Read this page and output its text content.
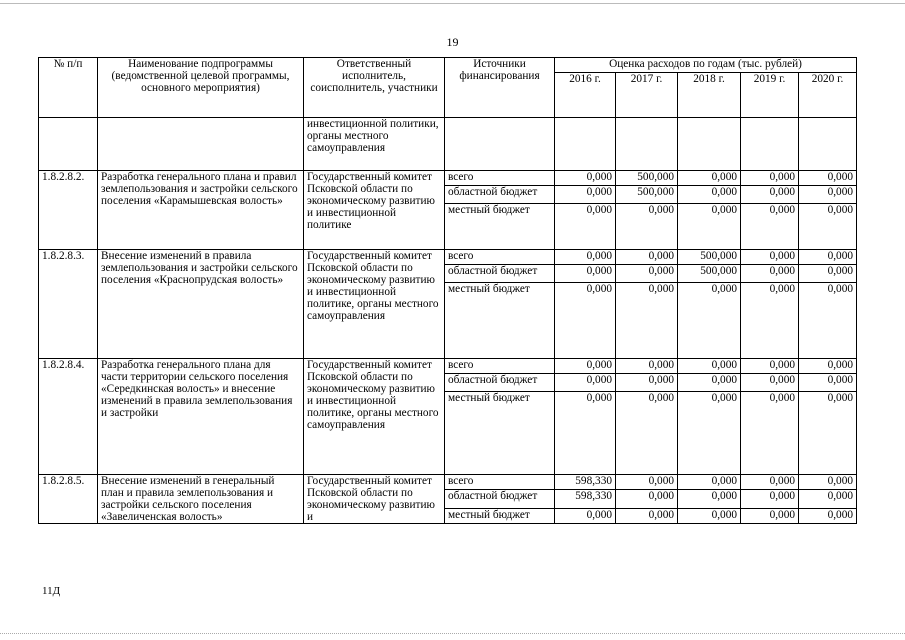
19
№ п/п	Наименование подпрограммы (ведомственной целевой программы, основного мероприятия)	Ответственный исполнитель, соисполнитель, участники	Источники финансирования	Оценка расходов по годам (тыс. рублей)				
				2016 г.	2017 г.	2018 г.	2019 г.	2020 г.
		инвестиционной политики, органы местного самоуправления						
1.8.2.8.2.	Разработка генерального плана и правил землепользования и застройки сельского поселения «Карамышевская волость»	Государственный комитет Псковской области по экономическому развитию и инвестиционной политике	всего	0,000	500,000	0,000	0,000	0,000
			областной бюджет	0,000	500,000	0,000	0,000	0,000
			местный бюджет	0,000	0,000	0,000	0,000	0,000
1.8.2.8.3.	Внесение изменений в правила землепользования и застройки сельского поселения «Краснопрудская волость»	Государственный комитет Псковской области по экономическому развитию и инвестиционной политике, органы местного самоуправления	всего	0,000	0,000	500,000	0,000	0,000
			областной бюджет	0,000	0,000	500,000	0,000	0,000
			местный бюджет	0,000	0,000	0,000	0,000	0,000
1.8.2.8.4.	Разработка генерального плана для части территории сельского поселения «Середкинская волость» и внесение изменений в правила землепользования и застройки	Государственный комитет Псковской области по экономическому развитию и инвестиционной политике, органы местного самоуправления	всего	0,000	0,000	0,000	0,000	0,000
			областной бюджет	0,000	0,000	0,000	0,000	0,000
			местный бюджет	0,000	0,000	0,000	0,000	0,000
1.8.2.8.5.	Внесение изменений в генеральный план и правила землепользования и застройки сельского поселения «Завеличенская волость»	Государственный комитет Псковской области по экономическому развитию и	всего	598,330	0,000	0,000	0,000	0,000
			областной бюджет	598,330	0,000	0,000	0,000	0,000
			местный бюджет	0,000	0,000	0,000	0,000	0,000
11Д
